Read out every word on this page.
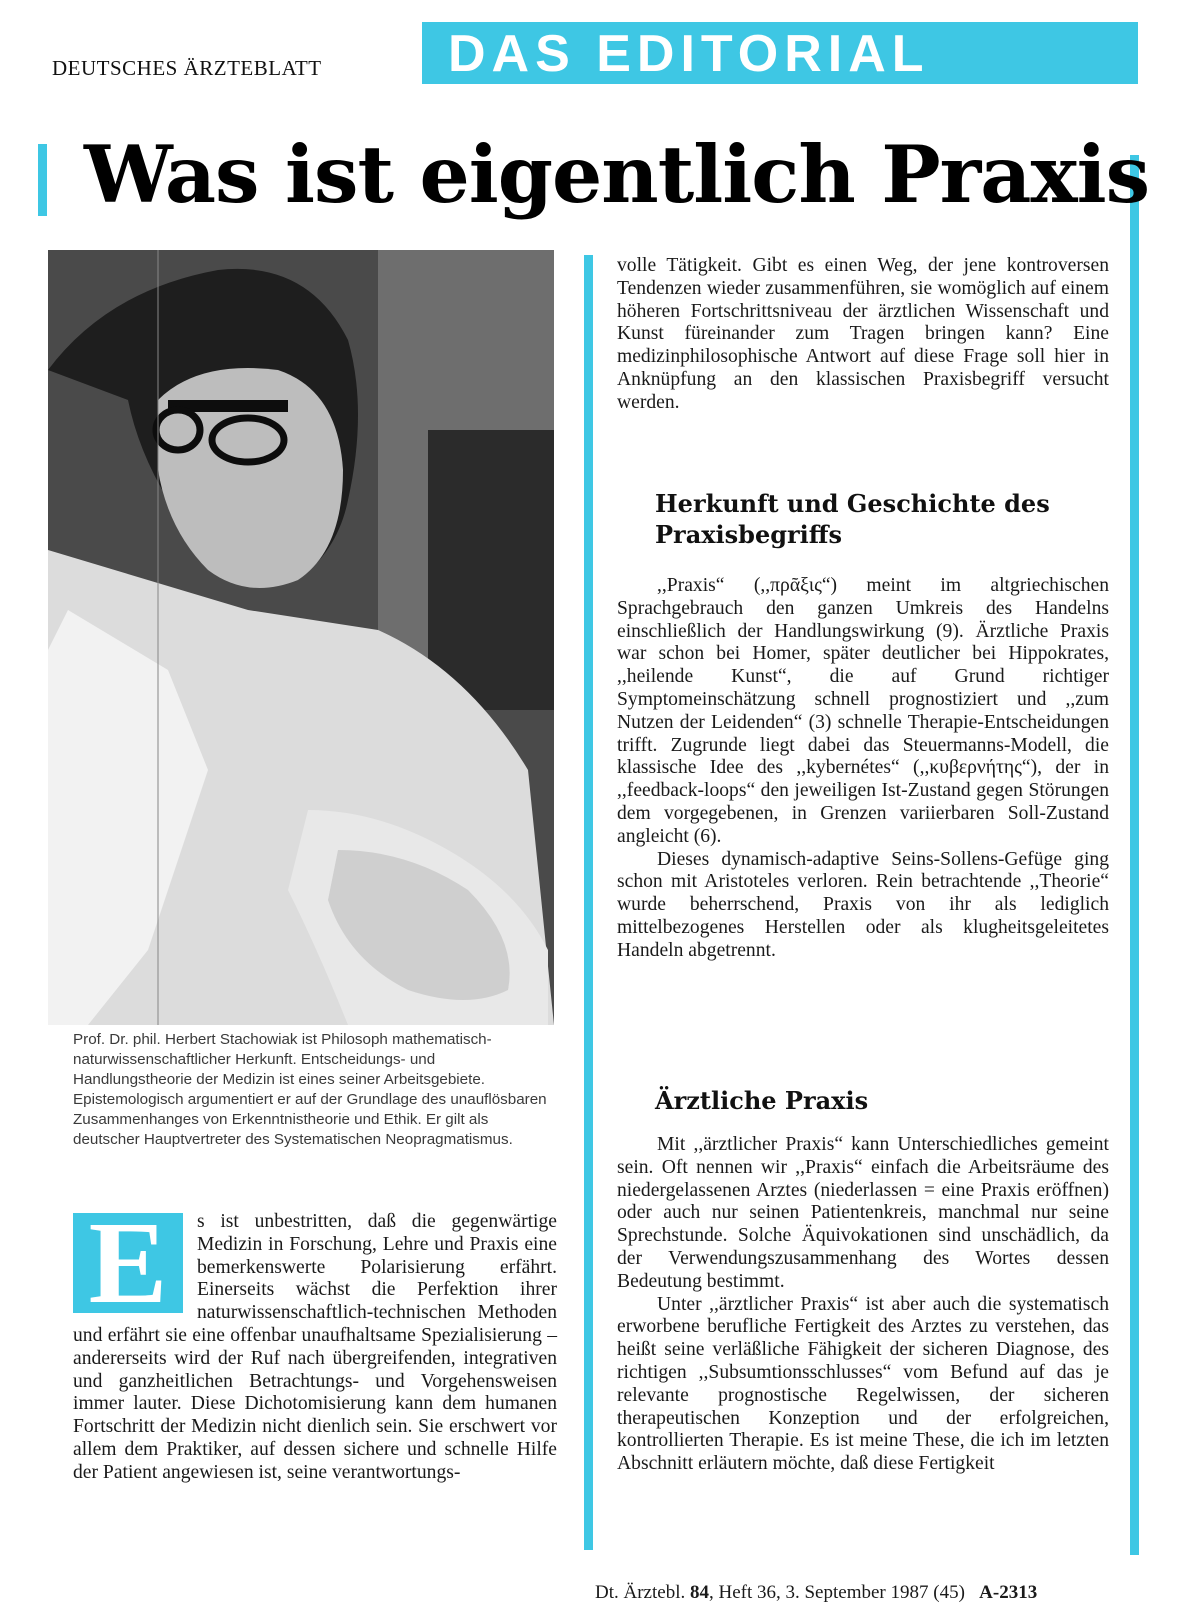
DEUTSCHES ÄRZTEBLATT DAS EDITORIAL
Was ist eigentlich Praxis
Prof. Dr. phil. Herbert Stachowiak ist Philosoph mathematisch-naturwissenschaftlicher Herkunft. Entscheidungs- und Handlungstheorie der Medizin ist eines seiner Arbeitsgebiete. Epistemologisch argumentiert er auf der Grundlage des unauflösbaren Zusammenhanges von Erkenntnistheorie und Ethik. Er gilt als deutscher Hauptvertreter des Systematischen Neopragmatismus.
E	s ist unbestritten, daß die gegenwärtige Medizin in Forschung, Lehre und Praxis eine bemerkenswerte Polarisierung erfährt. Einerseits wächst die Perfektion ihrer naturwissenschaftlich-technischen Methoden und erfährt sie eine offenbar unaufhaltsame Spezialisierung – andererseits wird der Ruf nach übergreifenden, integrativen und ganzheitlichen Betrachtungs- und Vorgehensweisen immer lauter. Diese Dichotomisierung kann dem humanen Fortschritt der Medizin nicht dienlich sein. Sie erschwert vor allem dem Praktiker, auf dessen sichere und schnelle Hilfe der Patient angewiesen ist, seine verantwortungs-

volle Tätigkeit. Gibt es einen Weg, der jene kontroversen Tendenzen wieder zusammenführen, sie womöglich auf einem höheren Fortschrittsniveau der ärztlichen Wissenschaft und Kunst füreinander zum Tragen bringen kann? Eine medizinphilosophische Antwort auf diese Frage soll hier in Anknüpfung an den klassischen Praxisbegriff versucht werden.

Herkunft und Geschichte des Praxisbegriffs

,,Praxis“ (,,πρᾶξις“) meint im altgriechischen Sprachgebrauch den ganzen Umkreis des Handelns einschließlich der Handlungswirkung (9). Ärztliche Praxis war schon bei Homer, später deutlicher bei Hippokrates, ,,heilende Kunst“, die auf Grund richtiger Symptomeinschätzung schnell prognostiziert und ,,zum Nutzen der Leidenden“ (3) schnelle Therapie-Entscheidungen trifft. Zugrunde liegt dabei das Steuermanns-Modell, die klassische Idee des ,,kybernétes“ (,,κυβερνήτης“), der in ,,feedback-loops“ den jeweiligen Ist-Zustand gegen Störungen dem vorgegebenen, in Grenzen variierbaren Soll-Zustand angleicht (6).

Dieses dynamisch-adaptive Seins-Sollens-Gefüge ging schon mit Aristoteles verloren. Rein betrachtende ,,Theorie“ wurde beherrschend, Praxis von ihr als lediglich mittelbezogenes Herstellen oder als klugheitsgeleitetes Handeln abgetrennt.

Ärztliche Praxis

Mit ,,ärztlicher Praxis“ kann Unterschiedliches gemeint sein. Oft nennen wir ,,Praxis“ einfach die Arbeitsräume des niedergelassenen Arztes (niederlassen = eine Praxis eröffnen) oder auch nur seinen Patientenkreis, manchmal nur seine Sprechstunde. Solche Äquivokationen sind unschädlich, da der Verwendungszusammenhang des Wortes dessen Bedeutung bestimmt.

Unter ,,ärztlicher Praxis“ ist aber auch die systematisch erworbene berufliche Fertigkeit des Arztes zu verstehen, das heißt seine verläßliche Fähigkeit der sicheren Diagnose, des richtigen ,,Subsumtionsschlusses“ vom Befund auf das je relevante prognostische Regelwissen, der sicheren therapeutischen Konzeption und der erfolgreichen, kontrollierten Therapie. Es ist meine These, die ich im letzten Abschnitt erläutern möchte, daß diese Fertigkeit

Dt. Ärztebl. 84, Heft 36, 3. September 1987 (45) A-2313
